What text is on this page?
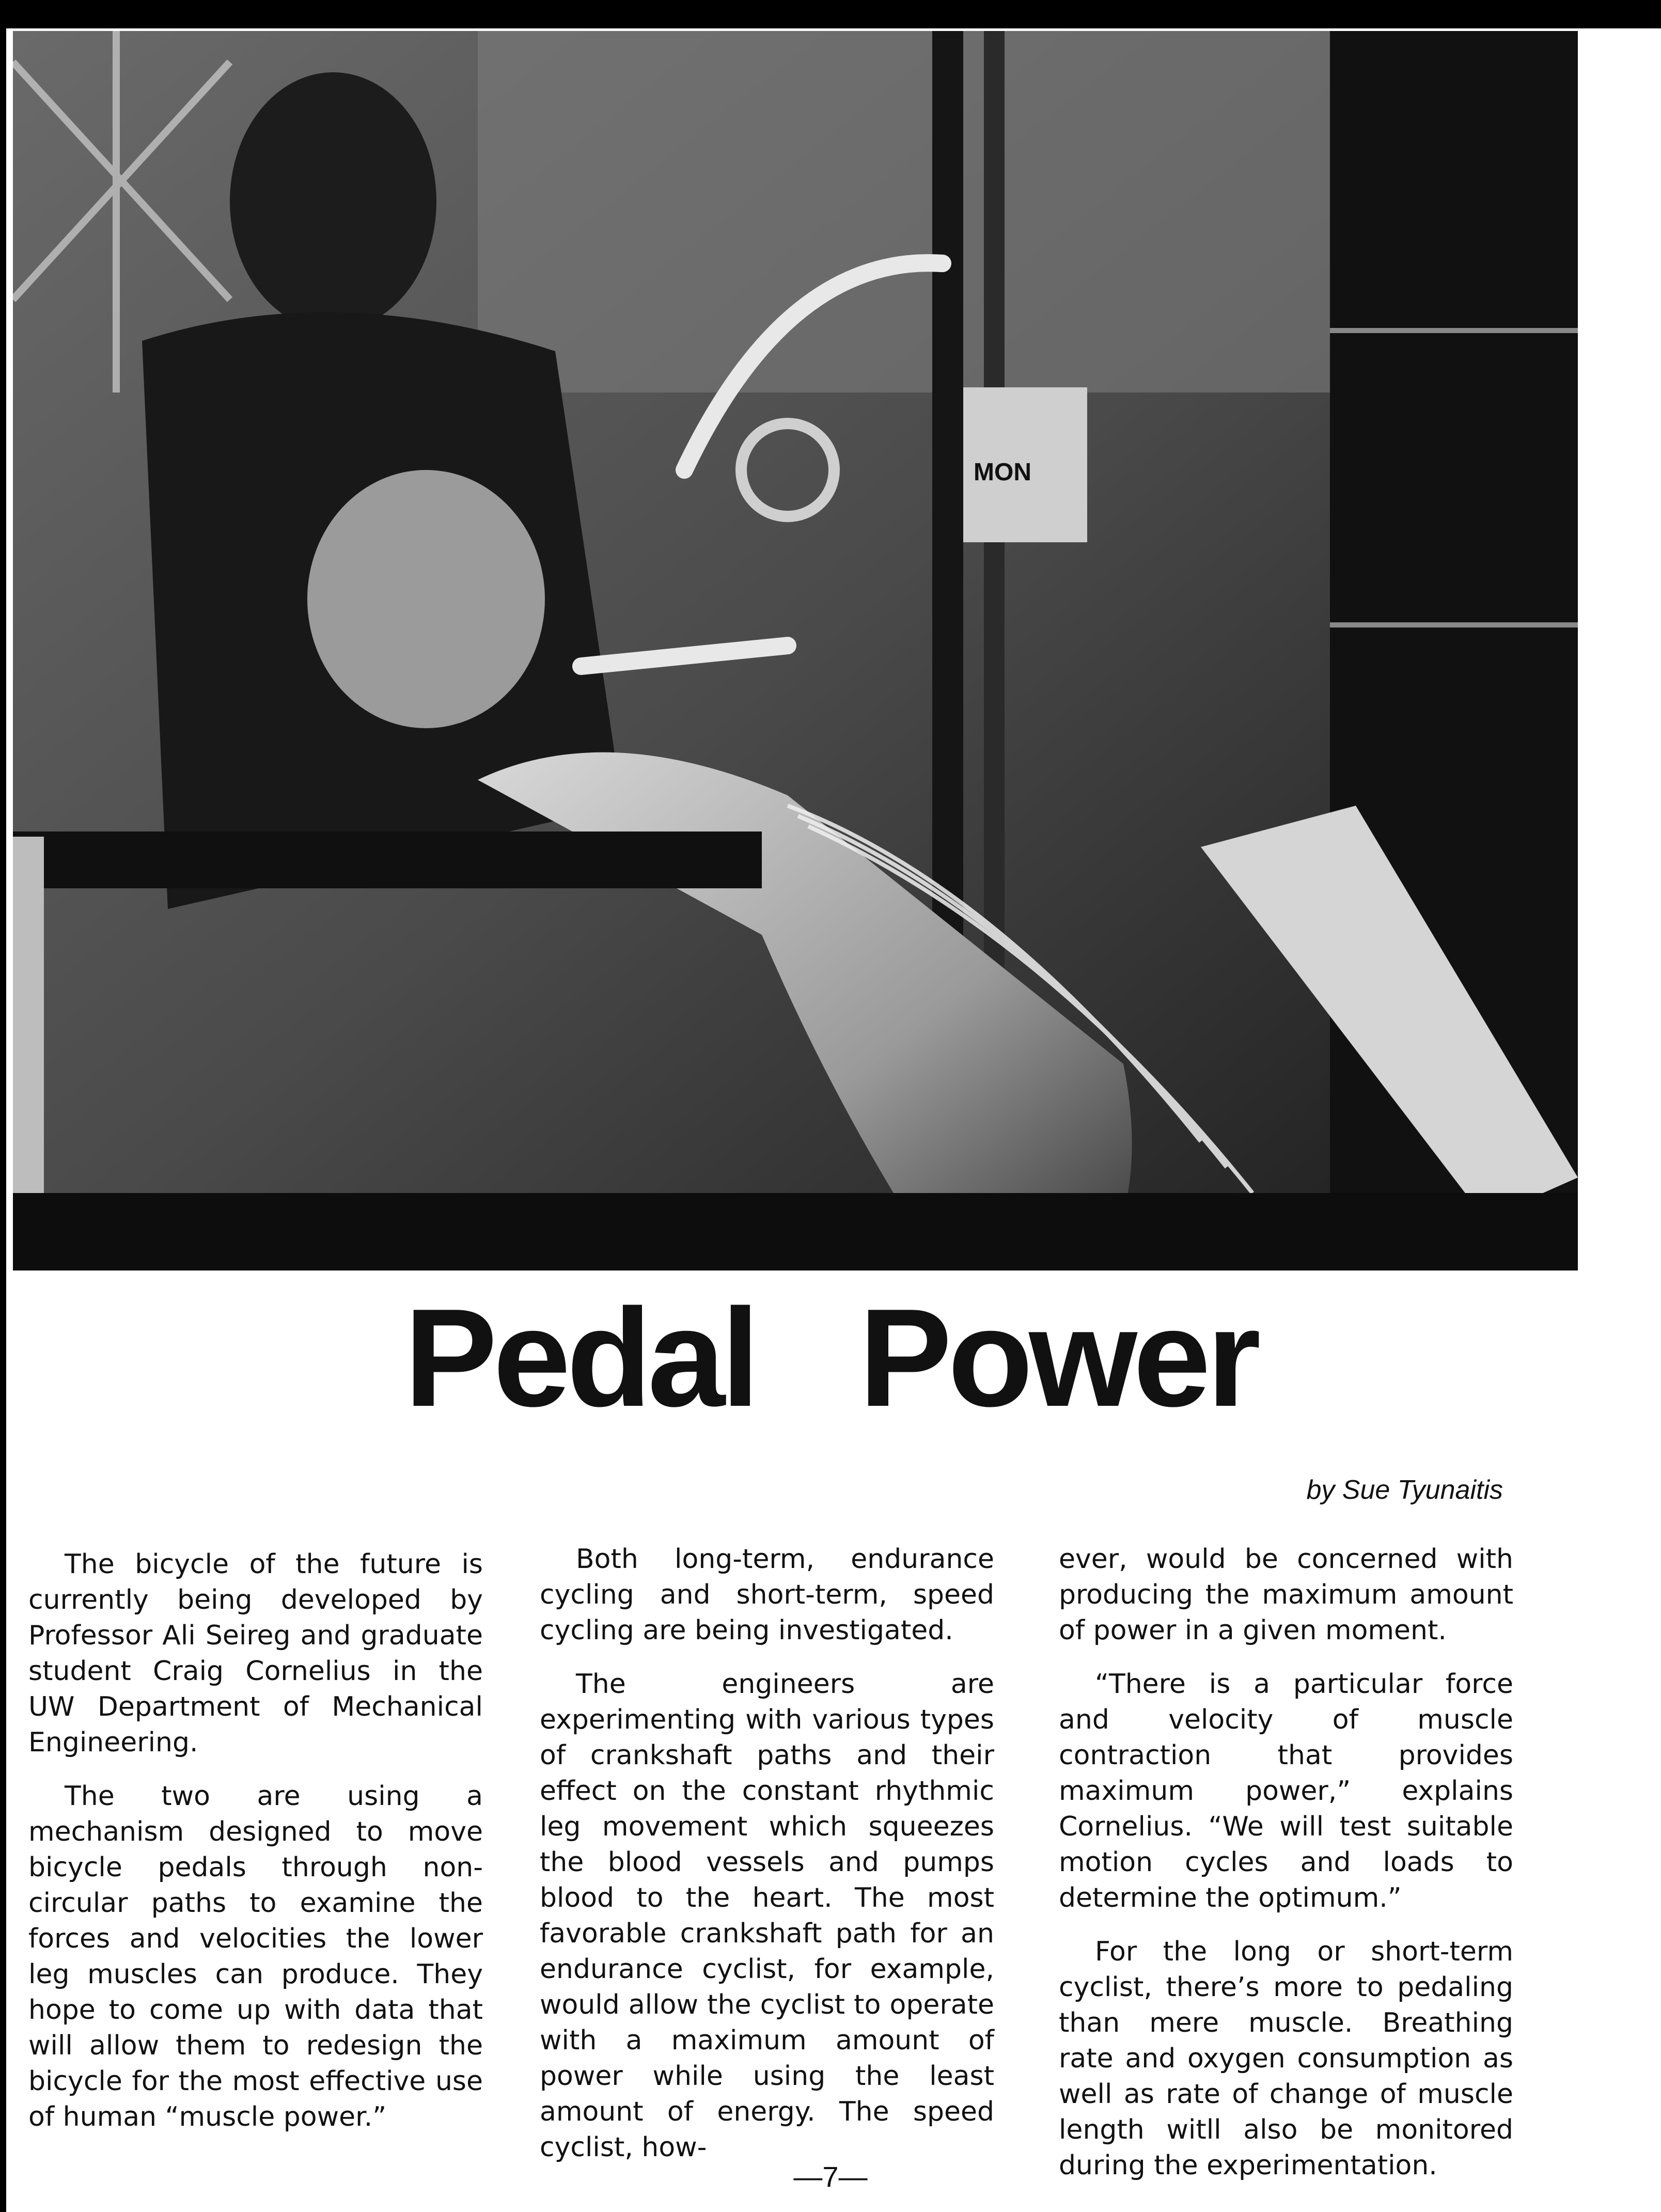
MON
Pedal Power
by Sue Tyunaitis

The bicycle of the future is currently being developed by Professor Ali Seireg and graduate student Craig Cornelius in the UW Department of Mechanical Engineering.

The two are using a mechanism designed to move bicycle pedals through non-circular paths to examine the forces and velocities the lower leg muscles can produce. They hope to come up with data that will allow them to redesign the bicycle for the most effective use of human “muscle power.”

Both long-term, endurance cycling and short-term, speed cycling are being investigated.

The engineers are experimenting with various types of crankshaft paths and their effect on the constant rhythmic leg movement which squeezes the blood vessels and pumps blood to the heart. The most favorable crankshaft path for an endurance cyclist, for example, would allow the cyclist to operate with a maximum amount of power while using the least amount of energy. The speed cyclist, how-

ever, would be concerned with producing the maximum amount of power in a given moment.

“There is a particular force and velocity of muscle contraction that provides maximum power,” explains Cornelius. “We will test suitable motion cycles and loads to determine the optimum.”

For the long or short-term cyclist, there’s more to pedaling than mere muscle. Breathing rate and oxygen consumption as well as rate of change of muscle length witll also be monitored during the experimentation.

—7—
